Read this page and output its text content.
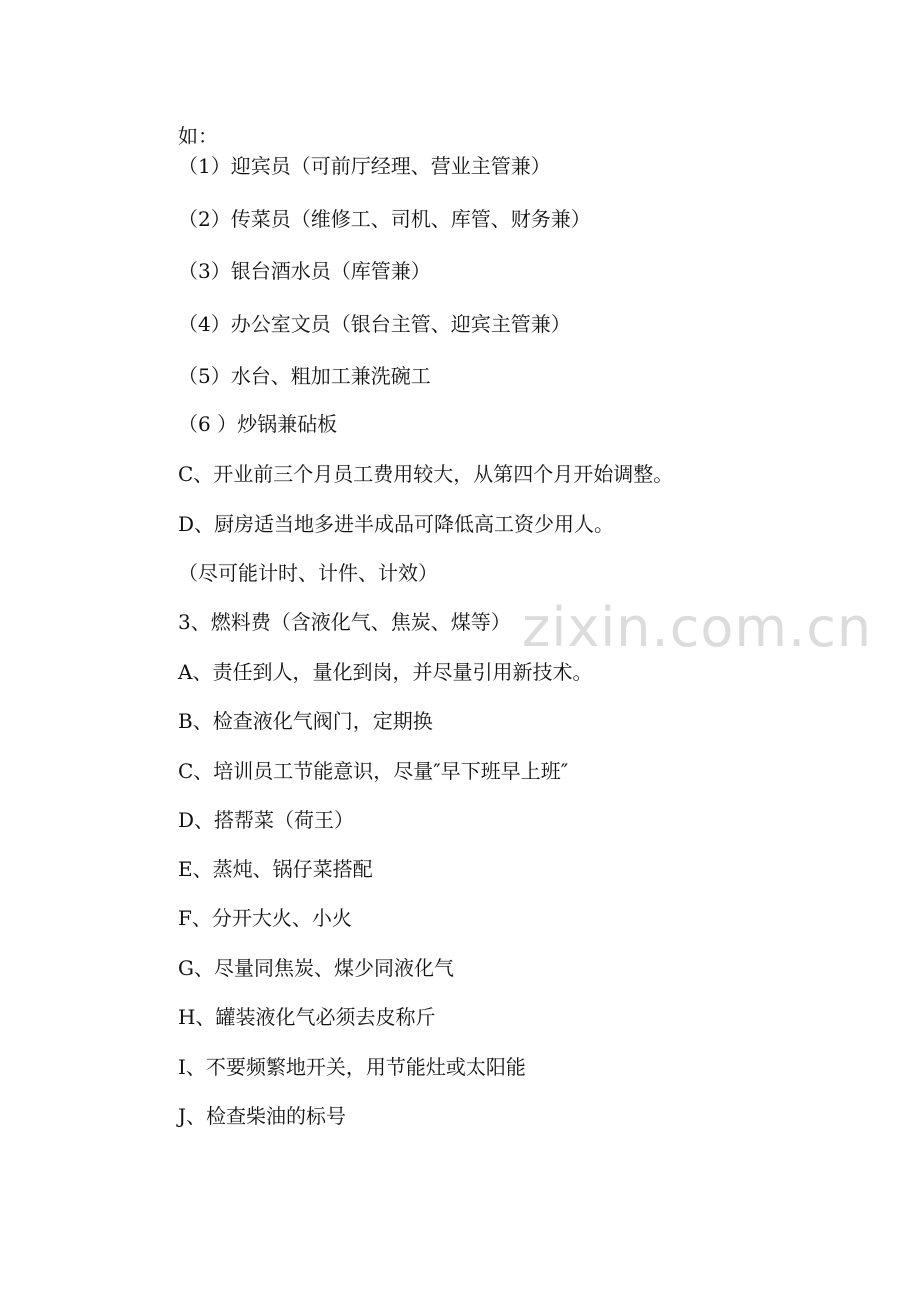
如：
（1）迎宾员（可前厅经理、营业主管兼）
（2）传菜员（维修工、司机、库管、财务兼）
（3）银台酒水员（库管兼）
（4）办公室文员（银台主管、迎宾主管兼）
（5）水台、粗加工兼洗碗工
（6 ）炒锅兼砧板
C、开业前三个月员工费用较大，从第四个月开始调整。
D、厨房适当地多进半成品可降低高工资少用人。
（尽可能计时、计件、计效）
3、燃料费（含液化气、焦炭、煤等）
A、责任到人，量化到岗，并尽量引用新技术。
B、检查液化气阀门，定期换
C、培训员工节能意识，尽量″早下班早上班″
D、搭帮菜（荷王）
E、蒸炖、锅仔菜搭配
F、分开大火、小火
G、尽量同焦炭、煤少同液化气
H、罐装液化气必须去皮称斤
I、不要频繁地开关，用节能灶或太阳能
J、检查柴油的标号
zixin.com.cn
